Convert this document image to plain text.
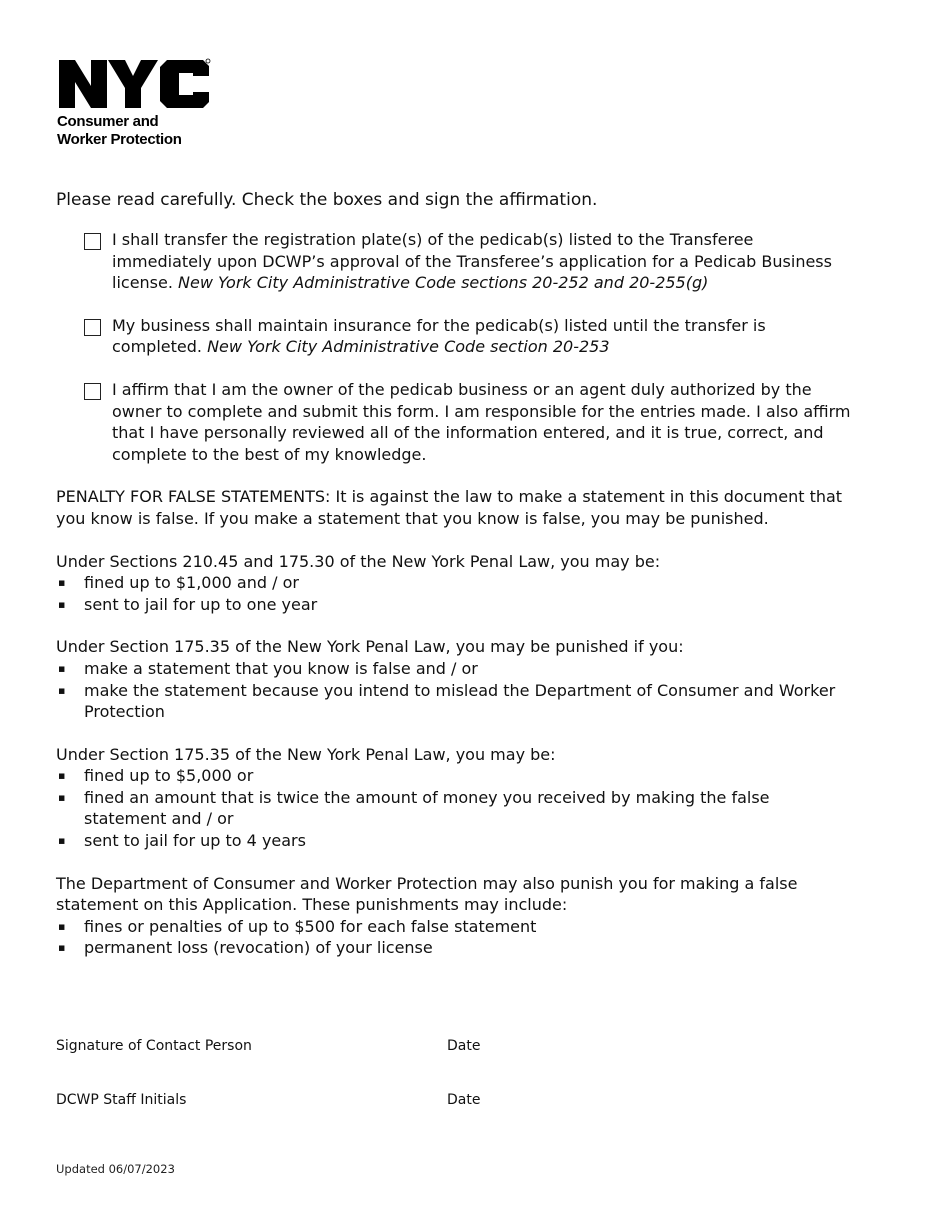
Consumer and
Worker Protection

Please read carefully. Check the boxes and sign the affirmation.

I shall transfer the registration plate(s) of the pedicab(s) listed to the Transferee immediately upon DCWP’s approval of the Transferee’s application for a Pedicab Business license. New York City Administrative Code sections 20-252 and 20-255(g)
My business shall maintain insurance for the pedicab(s) listed until the transfer is completed. New York City Administrative Code section 20-253
I affirm that I am the owner of the pedicab business or an agent duly authorized by the owner to complete and submit this form. I am responsible for the entries made. I also affirm that I have personally reviewed all of the information entered, and it is true, correct, and complete to the best of my knowledge.

PENALTY FOR FALSE STATEMENTS: It is against the law to make a statement in this document that you know is false. If you make a statement that you know is false, you may be punished.

Under Sections 210.45 and 175.30 of the New York Penal Law, you may be:

▪ fined up to $1,000 and / or
▪ sent to jail for up to one year

Under Section 175.35 of the New York Penal Law, you may be punished if you:

▪ make a statement that you know is false and / or
▪ make the statement because you intend to mislead the Department of Consumer and Worker Protection

Under Section 175.35 of the New York Penal Law, you may be:

▪ fined up to $5,000 or
▪ fined an amount that is twice the amount of money you received by making the false statement and / or
▪ sent to jail for up to 4 years

The Department of Consumer and Worker Protection may also punish you for making a false statement on this Application. These punishments may include:

▪ fines or penalties of up to $500 for each false statement
▪ permanent loss (revocation) of your license
___________________________________
Signature of Contact Person
____________
Date
___________________________________
DCWP Staff Initials
____________
Date
Updated 06/07/2023
